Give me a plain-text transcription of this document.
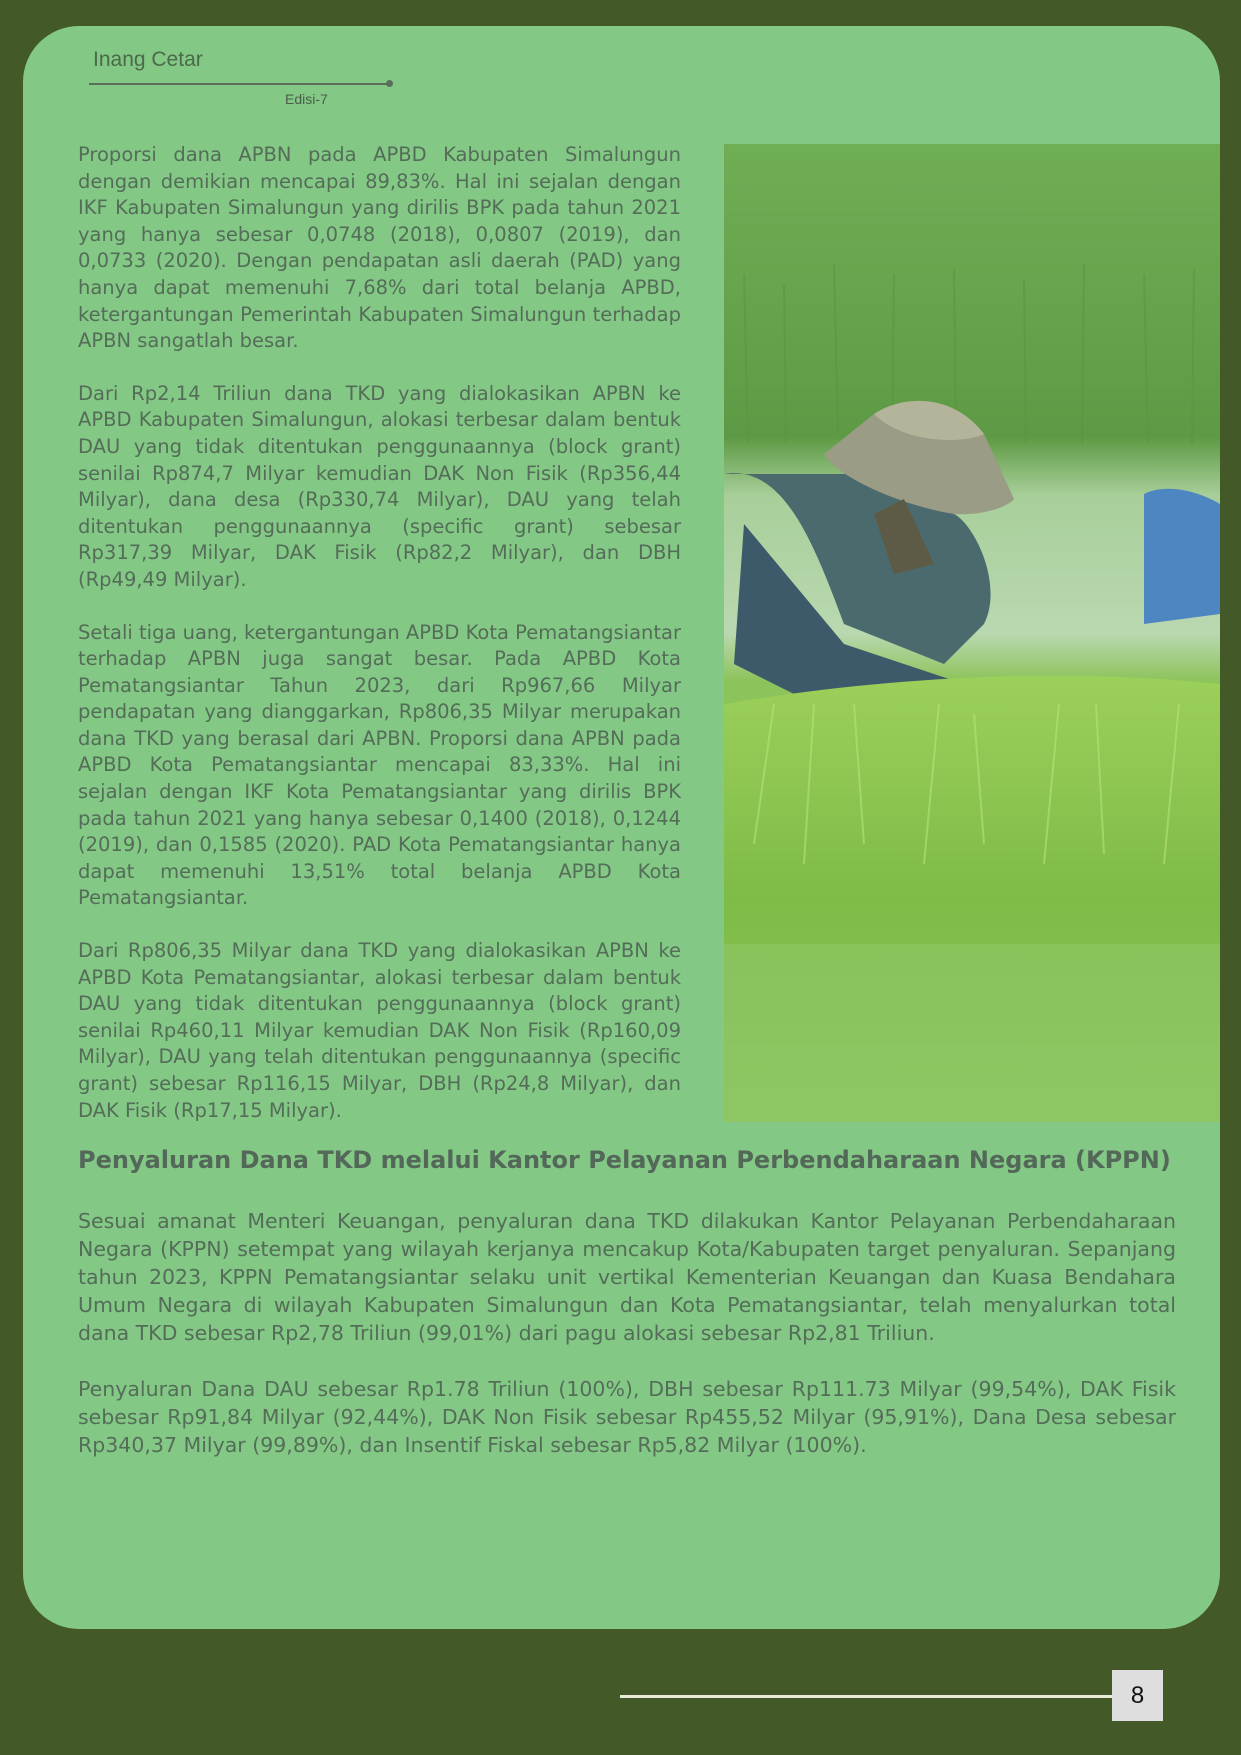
Inang Cetar
Edisi-7

Proporsi dana APBN pada APBD Kabupaten Simalungun dengan demikian mencapai 89,83%. Hal ini sejalan dengan IKF Kabupaten Simalungun yang dirilis BPK pada tahun 2021 yang hanya sebesar 0,0748 (2018), 0,0807 (2019), dan 0,0733 (2020). Dengan pendapatan asli daerah (PAD) yang hanya dapat memenuhi 7,68% dari total belanja APBD, ketergantungan Pemerintah Kabupaten Simalungun terhadap APBN sangatlah besar.

Dari Rp2,14 Triliun dana TKD yang dialokasikan APBN ke APBD Kabupaten Simalungun, alokasi terbesar dalam bentuk DAU yang tidak ditentukan penggunaannya (block grant) senilai Rp874,7 Milyar kemudian DAK Non Fisik (Rp356,44 Milyar), dana desa (Rp330,74 Milyar), DAU yang telah ditentukan penggunaannya (specific grant) sebesar Rp317,39 Milyar, DAK Fisik (Rp82,2 Milyar), dan DBH (Rp49,49 Milyar).

Setali tiga uang, ketergantungan APBD Kota Pematangsiantar terhadap APBN juga sangat besar. Pada APBD Kota Pematangsiantar Tahun 2023, dari Rp967,66 Milyar pendapatan yang dianggarkan, Rp806,35 Milyar merupakan dana TKD yang berasal dari APBN. Proporsi dana APBN pada APBD Kota Pematangsiantar mencapai 83,33%. Hal ini sejalan dengan IKF Kota Pematangsiantar yang dirilis BPK pada tahun 2021 yang hanya sebesar 0,1400 (2018), 0,1244 (2019), dan 0,1585 (2020). PAD Kota Pematangsiantar hanya dapat memenuhi 13,51% total belanja APBD Kota Pematangsiantar.

Dari Rp806,35 Milyar dana TKD yang dialokasikan APBN ke APBD Kota Pematangsiantar, alokasi terbesar dalam bentuk DAU yang tidak ditentukan penggunaannya (block grant) senilai Rp460,11 Milyar kemudian DAK Non Fisik (Rp160,09 Milyar), DAU yang telah ditentukan penggunaannya (specific grant) sebesar Rp116,15 Milyar, DBH (Rp24,8 Milyar), dan DAK Fisik (Rp17,15 Milyar).

Penyaluran Dana TKD melalui Kantor Pelayanan Perbendaharaan Negara (KPPN)

Sesuai amanat Menteri Keuangan, penyaluran dana TKD dilakukan Kantor Pelayanan Perbendaharaan Negara (KPPN) setempat yang wilayah kerjanya mencakup Kota/Kabupaten target penyaluran. Sepanjang tahun 2023, KPPN Pematangsiantar selaku unit vertikal Kementerian Keuangan dan Kuasa Bendahara Umum Negara di wilayah Kabupaten Simalungun dan Kota Pematangsiantar, telah menyalurkan total dana TKD sebesar Rp2,78 Triliun (99,01%) dari pagu alokasi sebesar Rp2,81 Triliun.

Penyaluran Dana DAU sebesar Rp1.78 Triliun (100%), DBH sebesar Rp111.73 Milyar (99,54%), DAK Fisik sebesar Rp91,84 Milyar (92,44%), DAK Non Fisik sebesar Rp455,52 Milyar (95,91%), Dana Desa sebesar Rp340,37 Milyar (99,89%), dan Insentif Fiskal sebesar Rp5,82 Milyar (100%).

8
